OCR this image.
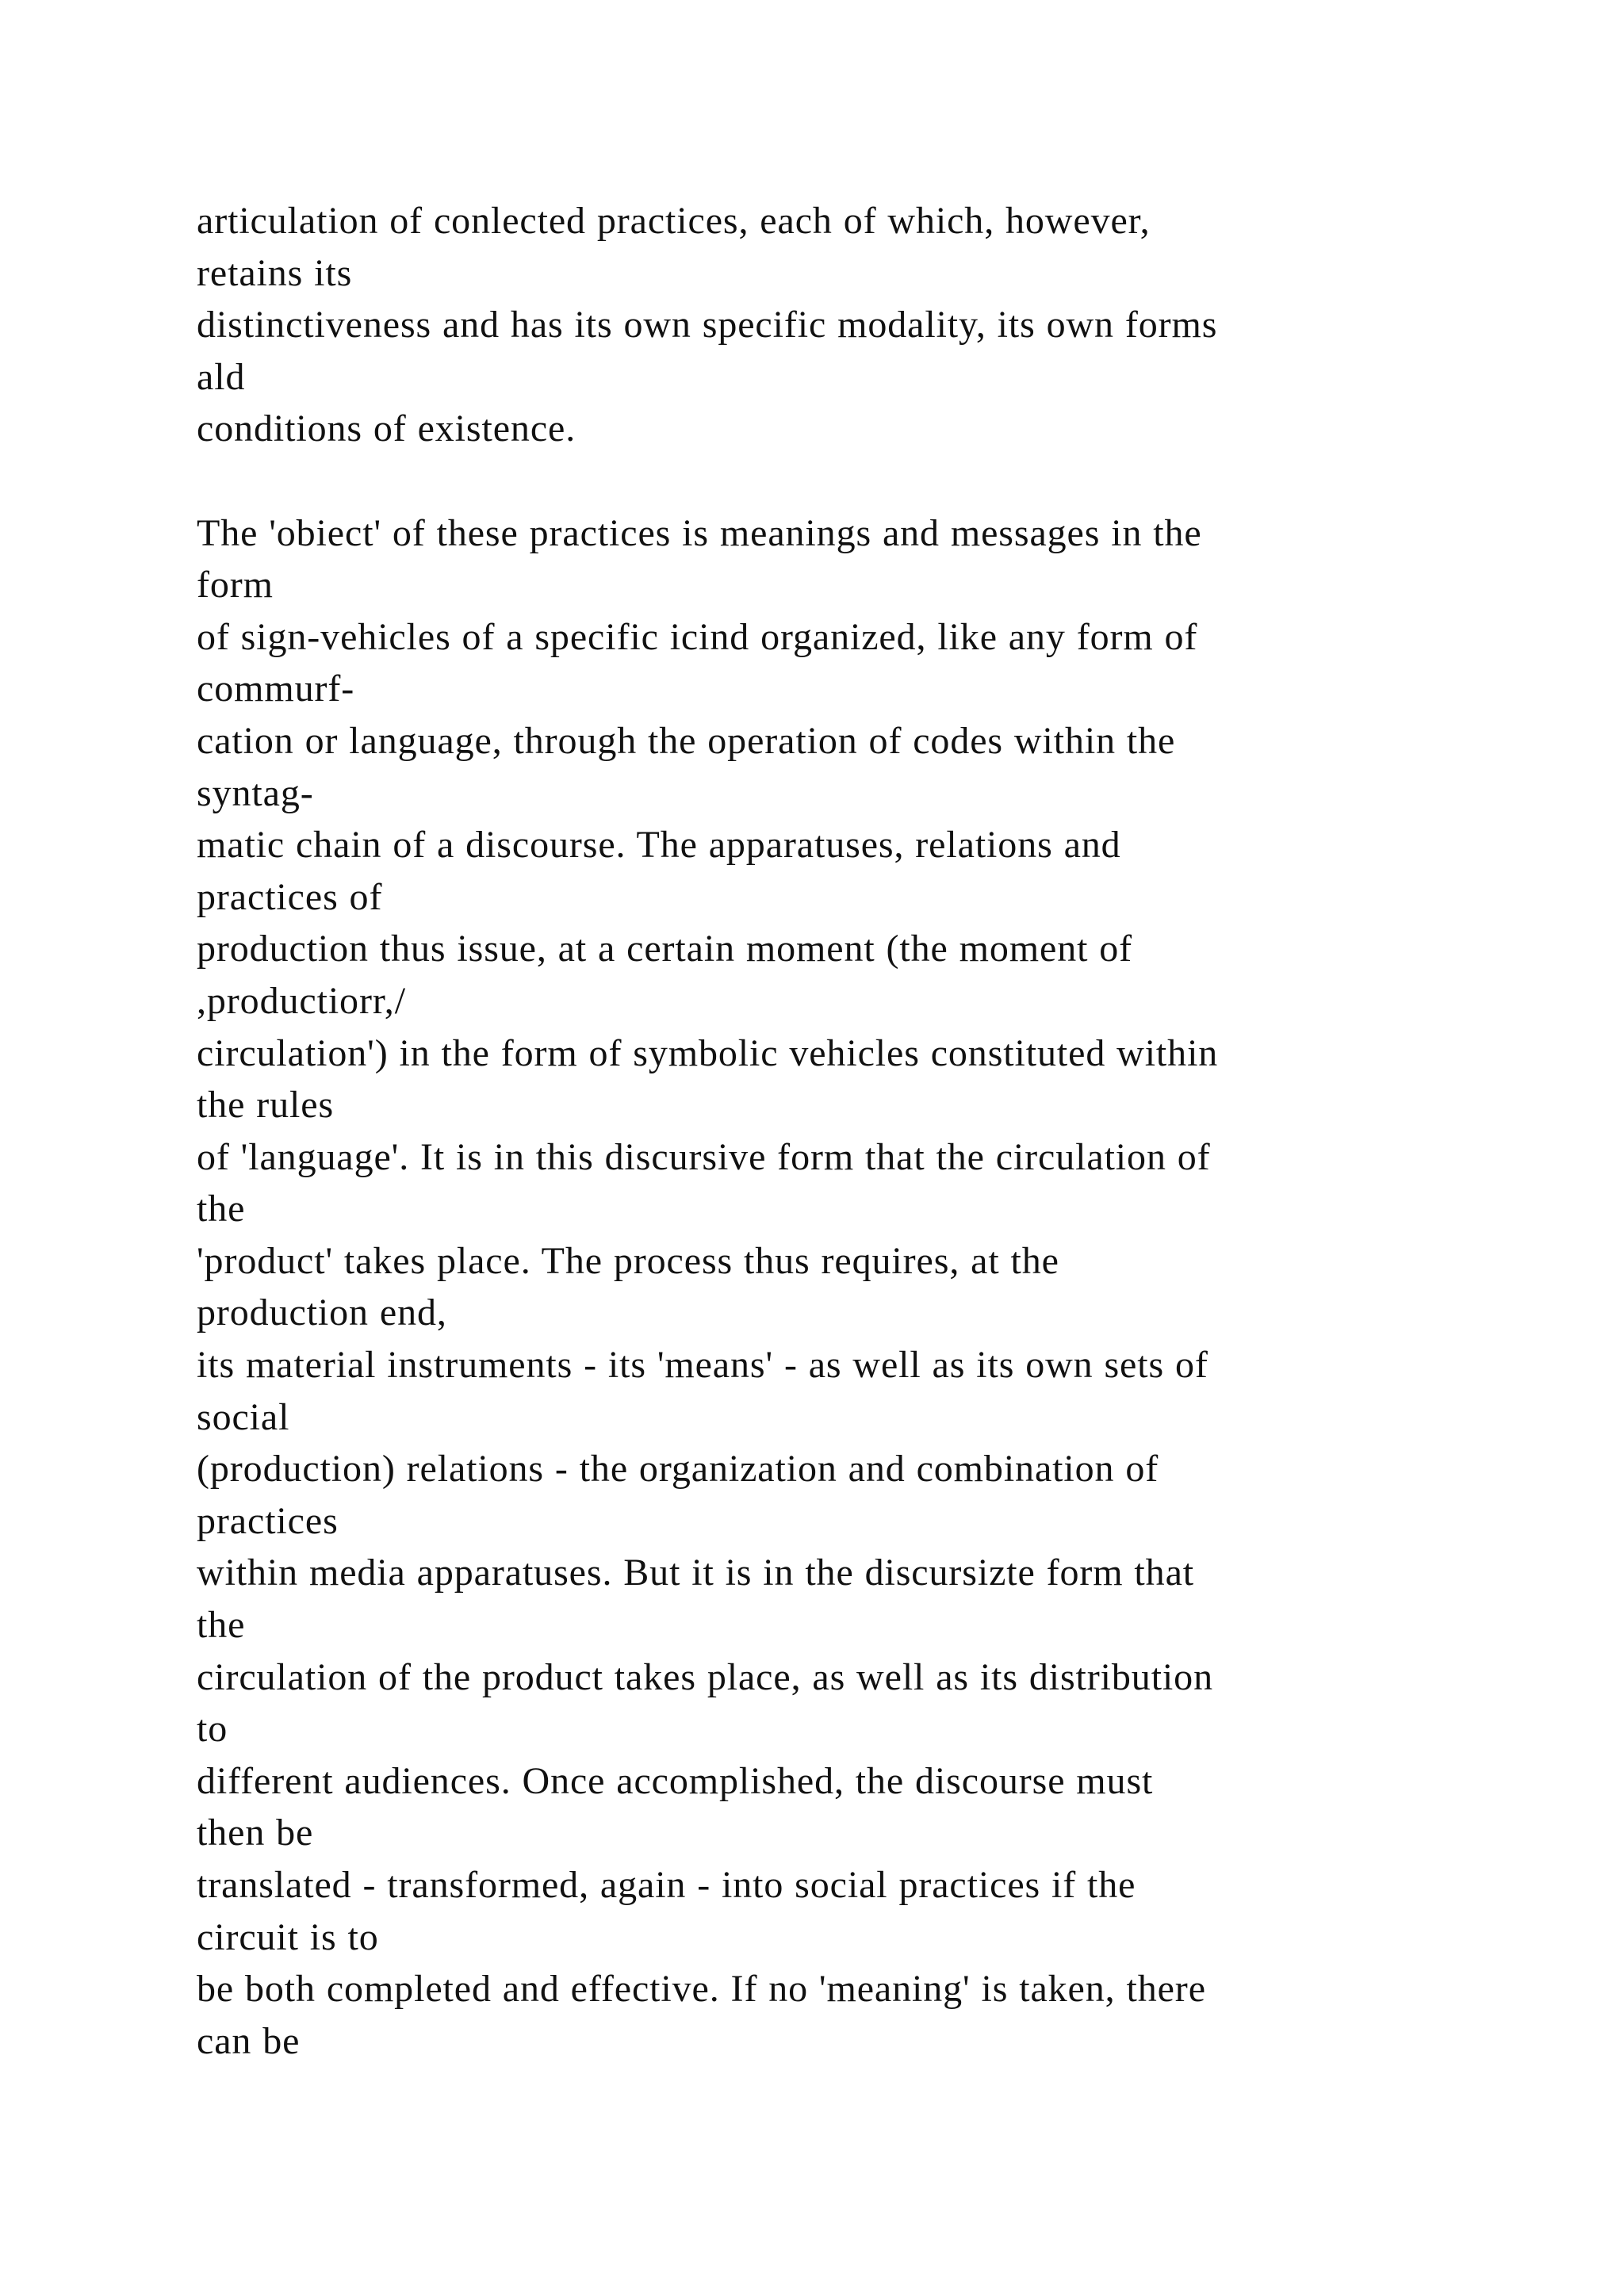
articulation of conlected practices, each of which, however,
retains its
distinctiveness and has its own specific modality, its own forms
ald
conditions of existence.
The 'obiect' of these practices is meanings and messages in the
form
of sign-vehicles of a specific icind organized, like any form of
commurf-
cation or language, through the operation of codes within the
syntag-
matic chain of a discourse. The apparatuses, relations and
practices of
production thus issue, at a certain moment (the moment of
,productiorr,/
circulation') in the form of symbolic vehicles constituted within
the rules
of 'language'. It is in this discursive form that the circulation of
the
'product' takes place. The process thus requires, at the
production end,
its material instruments - its 'means' - as well as its own sets of
social
(production) relations - the organization and combination of
practices
within media apparatuses. But it is in the discursizte form that
the
circulation of the product takes place, as well as its distribution
to
different audiences. Once accomplished, the discourse must
then be
translated - transformed, again - into social practices if the
circuit is to
be both completed and effective. If no 'meaning' is taken, there
can be
